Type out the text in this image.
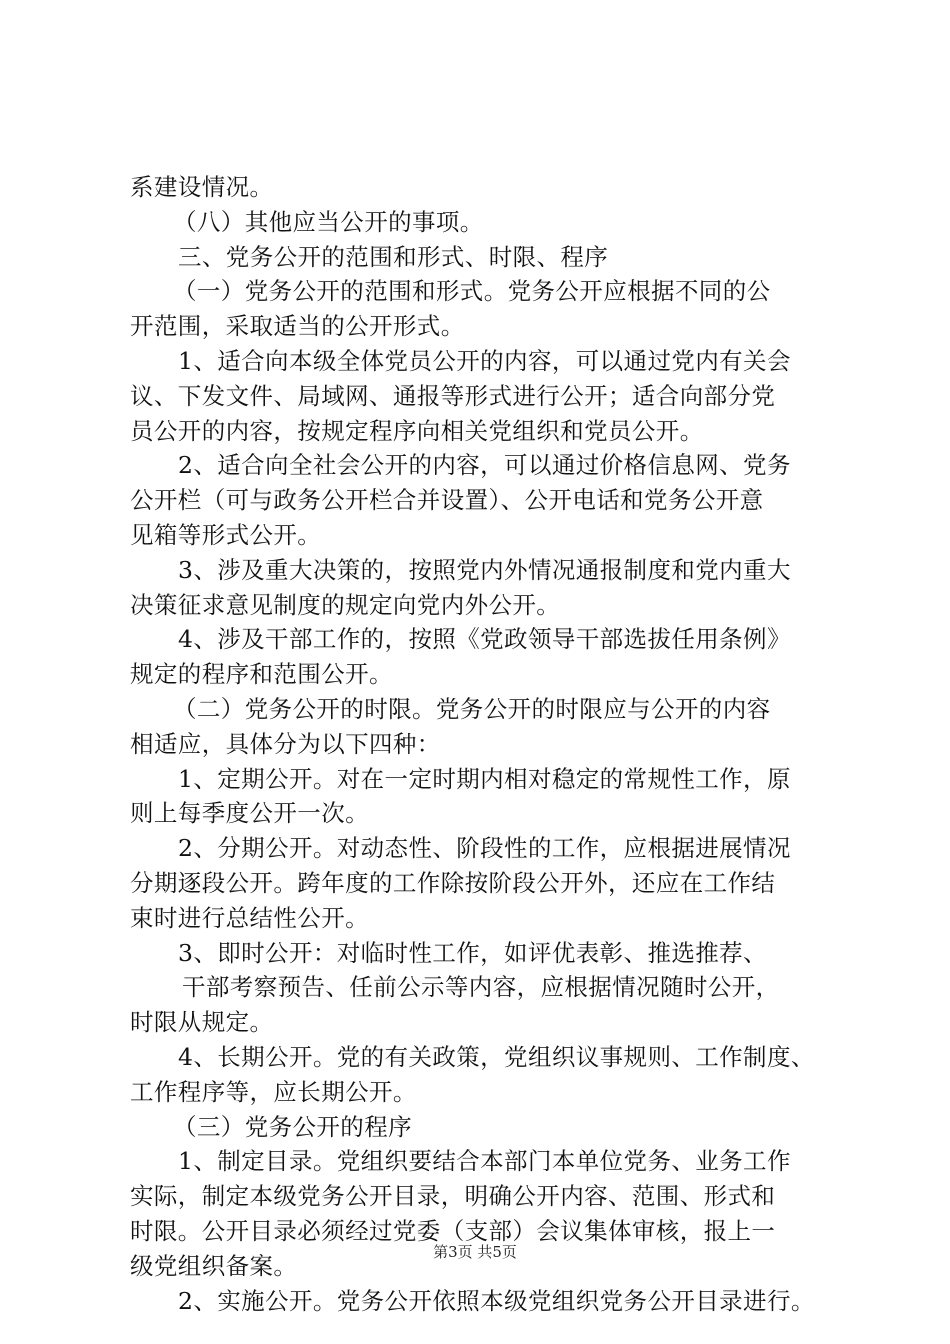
系建设情况。
（八）其他应当公开的事项。
三、党务公开的范围和形式、时限、程序
（一）党务公开的范围和形式。党务公开应根据不同的公
开范围，采取适当的公开形式。
1、适合向本级全体党员公开的内容，可以通过党内有关会
议、下发文件、局域网、通报等形式进行公开；适合向部分党
员公开的内容，按规定程序向相关党组织和党员公开。
2、适合向全社会公开的内容，可以通过价格信息网、党务
公开栏（可与政务公开栏合并设置）、公开电话和党务公开意
见箱等形式公开。
3、涉及重大决策的，按照党内外情况通报制度和党内重大
决策征求意见制度的规定向党内外公开。
4、涉及干部工作的，按照《党政领导干部选拔任用条例》
规定的程序和范围公开。
（二）党务公开的时限。党务公开的时限应与公开的内容
相适应，具体分为以下四种：
1、定期公开。对在一定时期内相对稳定的常规性工作，原
则上每季度公开一次。
2、分期公开。对动态性、阶段性的工作，应根据进展情况
分期逐段公开。跨年度的工作除按阶段公开外，还应在工作结
束时进行总结性公开。
3、即时公开：对临时性工作，如评优表彰、推选推荐、
干部考察预告、任前公示等内容，应根据情况随时公开，
时限从规定。
4、长期公开。党的有关政策，党组织议事规则、工作制度、
工作程序等，应长期公开。
（三）党务公开的程序
1、制定目录。党组织要结合本部门本单位党务、业务工作
实际，制定本级党务公开目录，明确公开内容、范围、形式和
时限。公开目录必须经过党委（支部）会议集体审核，报上一
级党组织备案。
2、实施公开。党务公开依照本级党组织党务公开目录进行。
第3页 共5页
